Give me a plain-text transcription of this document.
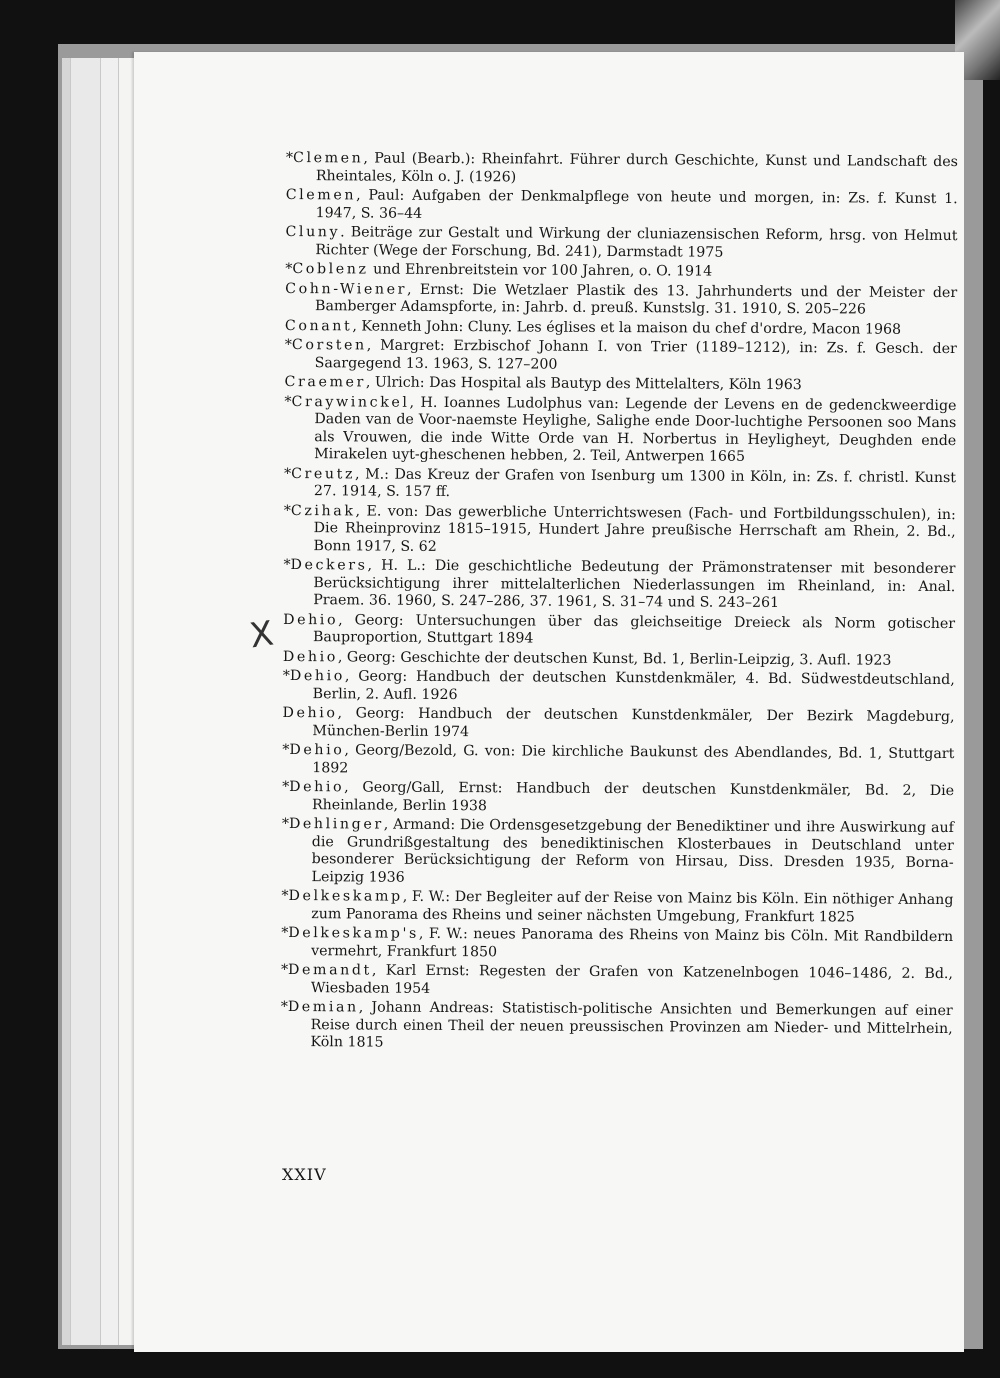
*Clemen, Paul (Bearb.): Rheinfahrt. Führer durch Geschichte, Kunst und Landschaft des Rheintales, Köln o. J. (1926)

Clemen, Paul: Aufgaben der Denkmalpflege von heute und morgen, in: Zs. f. Kunst 1. 1947, S. 36–44

Cluny. Beiträge zur Gestalt und Wirkung der cluniazensischen Reform, hrsg. von Helmut Richter (Wege der Forschung, Bd. 241), Darmstadt 1975

*Coblenz und Ehrenbreitstein vor 100 Jahren, o. O. 1914

Cohn-Wiener, Ernst: Die Wetzlaer Plastik des 13. Jahrhunderts und der Meister der Bamberger Adamspforte, in: Jahrb. d. preuß. Kunstslg. 31. 1910, S. 205–226

Conant, Kenneth John: Cluny. Les églises et la maison du chef d'ordre, Macon 1968

*Corsten, Margret: Erzbischof Johann I. von Trier (1189–1212), in: Zs. f. Gesch. der Saargegend 13. 1963, S. 127–200

Craemer, Ulrich: Das Hospital als Bautyp des Mittelalters, Köln 1963

*Craywinckel, H. Ioannes Ludolphus van: Legende der Levens en de gedenckweerdige Daden van de Voor-naemste Heylighe, Salighe ende Door-luchtighe Persoonen soo Mans als Vrouwen, die inde Witte Orde van H. Norbertus in Heyligheyt, Deughden ende Mirakelen uyt-gheschenen hebben, 2. Teil, Antwerpen 1665

*Creutz, M.: Das Kreuz der Grafen von Isenburg um 1300 in Köln, in: Zs. f. christl. Kunst 27. 1914, S. 157 ff.

*Czihak, E. von: Das gewerbliche Unterrichtswesen (Fach- und Fortbildungsschulen), in: Die Rheinprovinz 1815–1915, Hundert Jahre preußische Herrschaft am Rhein, 2. Bd., Bonn 1917, S. 62

*Deckers, H. L.: Die geschichtliche Bedeutung der Prämonstratenser mit besonderer Berücksichtigung ihrer mittelalterlichen Niederlassungen im Rheinland, in: Anal. Praem. 36. 1960, S. 247–286, 37. 1961, S. 31–74 und S. 243–261

Dehio, Georg: Untersuchungen über das gleichseitige Dreieck als Norm gotischer Bauproportion, Stuttgart 1894

Dehio, Georg: Geschichte der deutschen Kunst, Bd. 1, Berlin-Leipzig, 3. Aufl. 1923

*Dehio, Georg: Handbuch der deutschen Kunstdenkmäler, 4. Bd. Südwestdeutschland, Berlin, 2. Aufl. 1926

Dehio, Georg: Handbuch der deutschen Kunstdenkmäler, Der Bezirk Magdeburg, München-Berlin 1974

*Dehio, Georg/Bezold, G. von: Die kirchliche Baukunst des Abendlandes, Bd. 1, Stuttgart 1892

*Dehio, Georg/Gall, Ernst: Handbuch der deutschen Kunstdenkmäler, Bd. 2, Die Rheinlande, Berlin 1938

*Dehlinger, Armand: Die Ordensgesetzgebung der Benediktiner und ihre Auswirkung auf die Grundrißgestaltung des benediktinischen Klosterbaues in Deutschland unter besonderer Berücksichtigung der Reform von Hirsau, Diss. Dresden 1935, Borna-Leipzig 1936

*Delkeskamp, F. W.: Der Begleiter auf der Reise von Mainz bis Köln. Ein nöthiger Anhang zum Panorama des Rheins und seiner nächsten Umgebung, Frankfurt 1825

*Delkeskamp's, F. W.: neues Panorama des Rheins von Mainz bis Cöln. Mit Randbildern vermehrt, Frankfurt 1850

*Demandt, Karl Ernst: Regesten der Grafen von Katzenelnbogen 1046–1486, 2. Bd., Wiesbaden 1954

*Demian, Johann Andreas: Statistisch-politische Ansichten und Bemerkungen auf einer Reise durch einen Theil der neuen preussischen Provinzen am Nieder- und Mittelrhein, Köln 1815

X
XXIV
